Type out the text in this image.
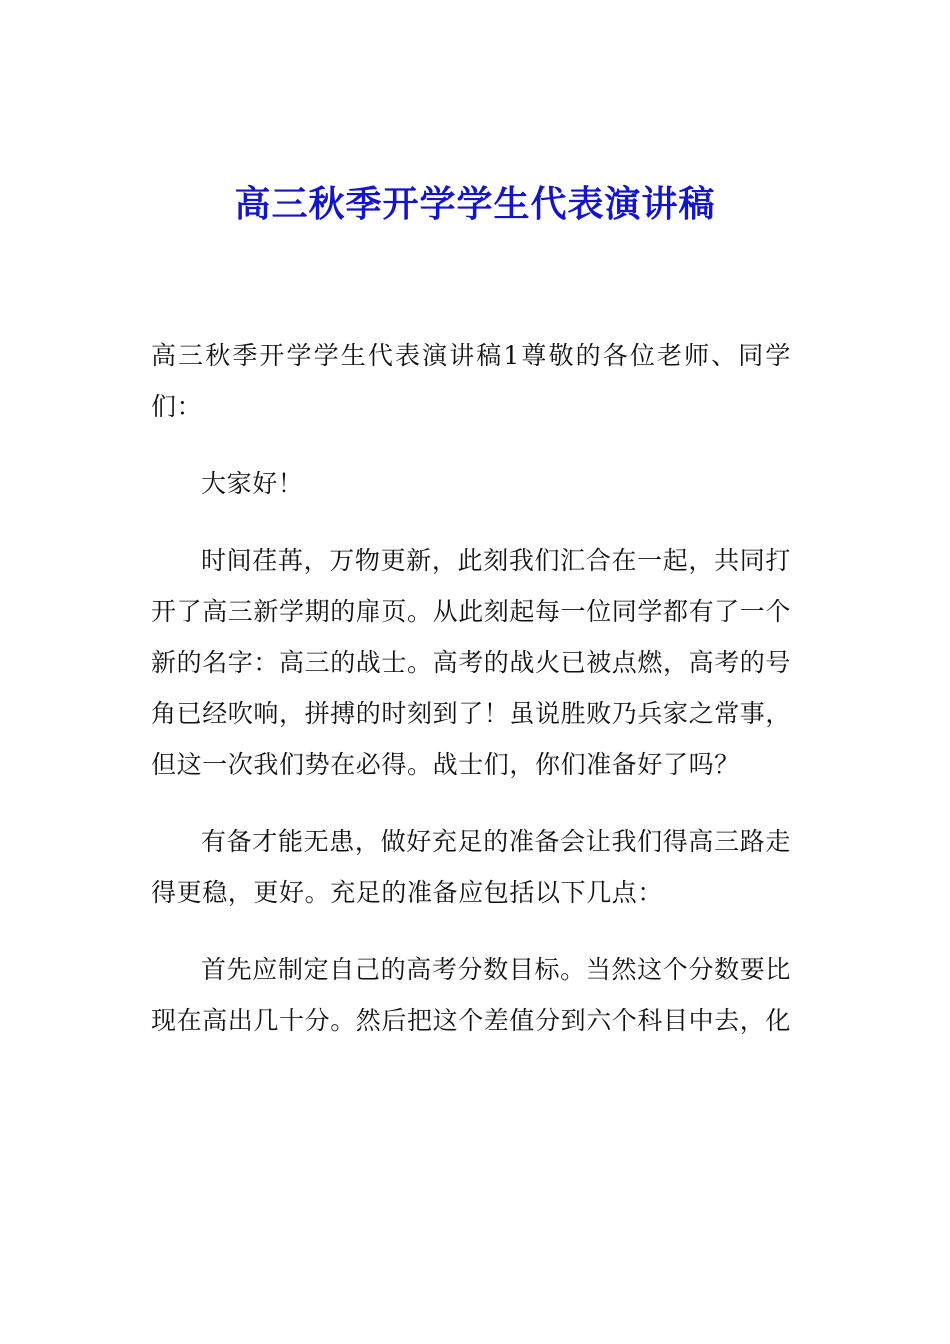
高三秋季开学学生代表演讲稿

高三秋季开学学生代表演讲稿1尊敬的各位老师、同学们：

大家好！

时间荏苒，万物更新，此刻我们汇合在一起，共同打开了高三新学期的扉页。从此刻起每一位同学都有了一个新的名字：高三的战士。高考的战火已被点燃，高考的号角已经吹响，拼搏的时刻到了！虽说胜败乃兵家之常事，但这一次我们势在必得。战士们，你们准备好了吗？

有备才能无患，做好充足的准备会让我们得高三路走得更稳，更好。充足的准备应包括以下几点：

首先应制定自己的高考分数目标。当然这个分数要比现在高出几十分。然后把这个差值分到六个科目中去，化
